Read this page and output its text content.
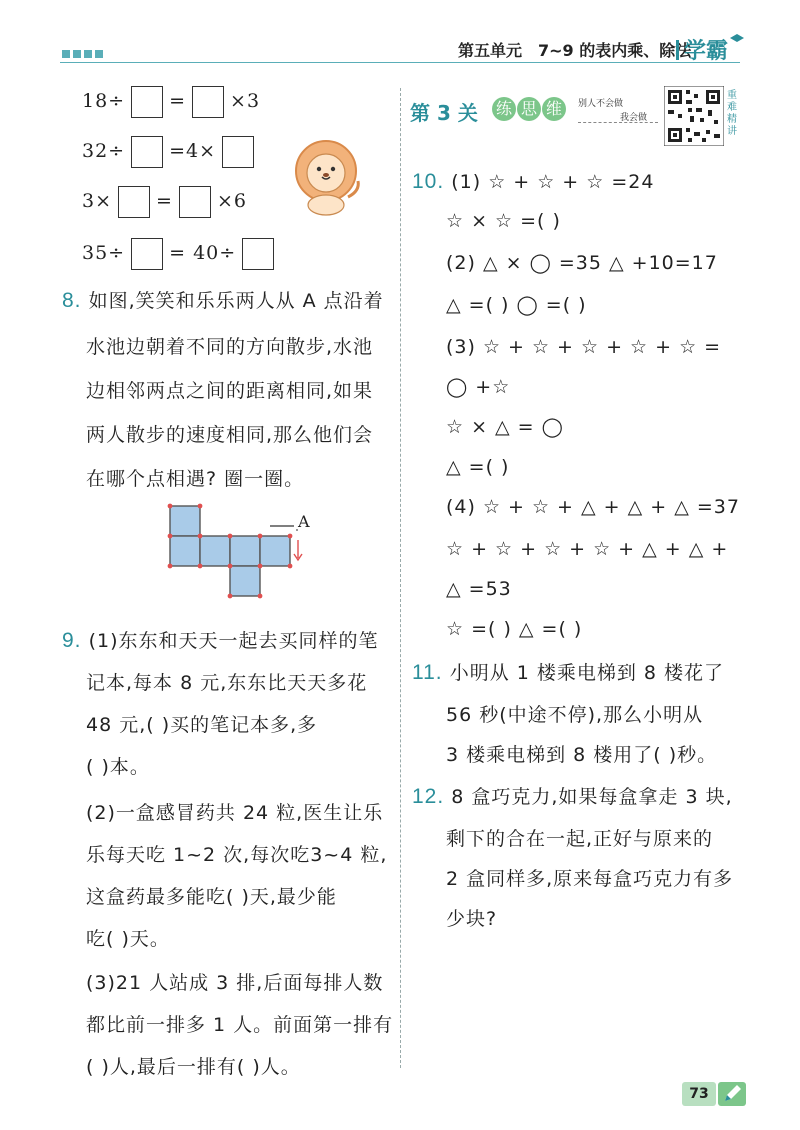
第五单元 7~9 的表内乘、除法
学霸
18÷ = ×3
32÷ =4×
3× = ×6
35÷ = 40÷
8. 如图,笑笑和乐乐两人从 A 点沿着
水池边朝着不同的方向散步,水池
边相邻两点之间的距离相同,如果
两人散步的速度相同,那么他们会
在哪个点相遇? 圈一圈。
A
9. (1)东东和天天一起去买同样的笔
记本,每本 8 元,东东比天天多花
48 元,( )买的笔记本多,多
( )本。
(2)一盒感冒药共 24 粒,医生让乐
乐每天吃 1~2 次,每次吃3~4 粒,
这盒药最多能吃( )天,最少能
吃( )天。
(3)21 人站成 3 排,后面每排人数
都比前一排多 1 人。前面第一排有
( )人,最后一排有( )人。
第 3 关 练 思 维	别人不会做
我会做
重
难
精
讲
10. (1) ☆ + ☆ + ☆ =24
☆ × ☆ =( )
(2) △ × ◯ =35 △ +10=17
△ =( ) ◯ =( )
(3) ☆ + ☆ + ☆ + ☆ + ☆ =
◯ +☆
☆ × △ = ◯
△ =( )
(4) ☆ + ☆ + △ + △ + △ =37
☆ + ☆ + ☆ + ☆ + △ + △ +
△ =53
☆ =( ) △ =( )
11. 小明从 1 楼乘电梯到 8 楼花了
56 秒(中途不停),那么小明从
3 楼乘电梯到 8 楼用了( )秒。
12. 8 盒巧克力,如果每盒拿走 3 块,
剩下的合在一起,正好与原来的
2 盒同样多,原来每盒巧克力有多
少块?
73
